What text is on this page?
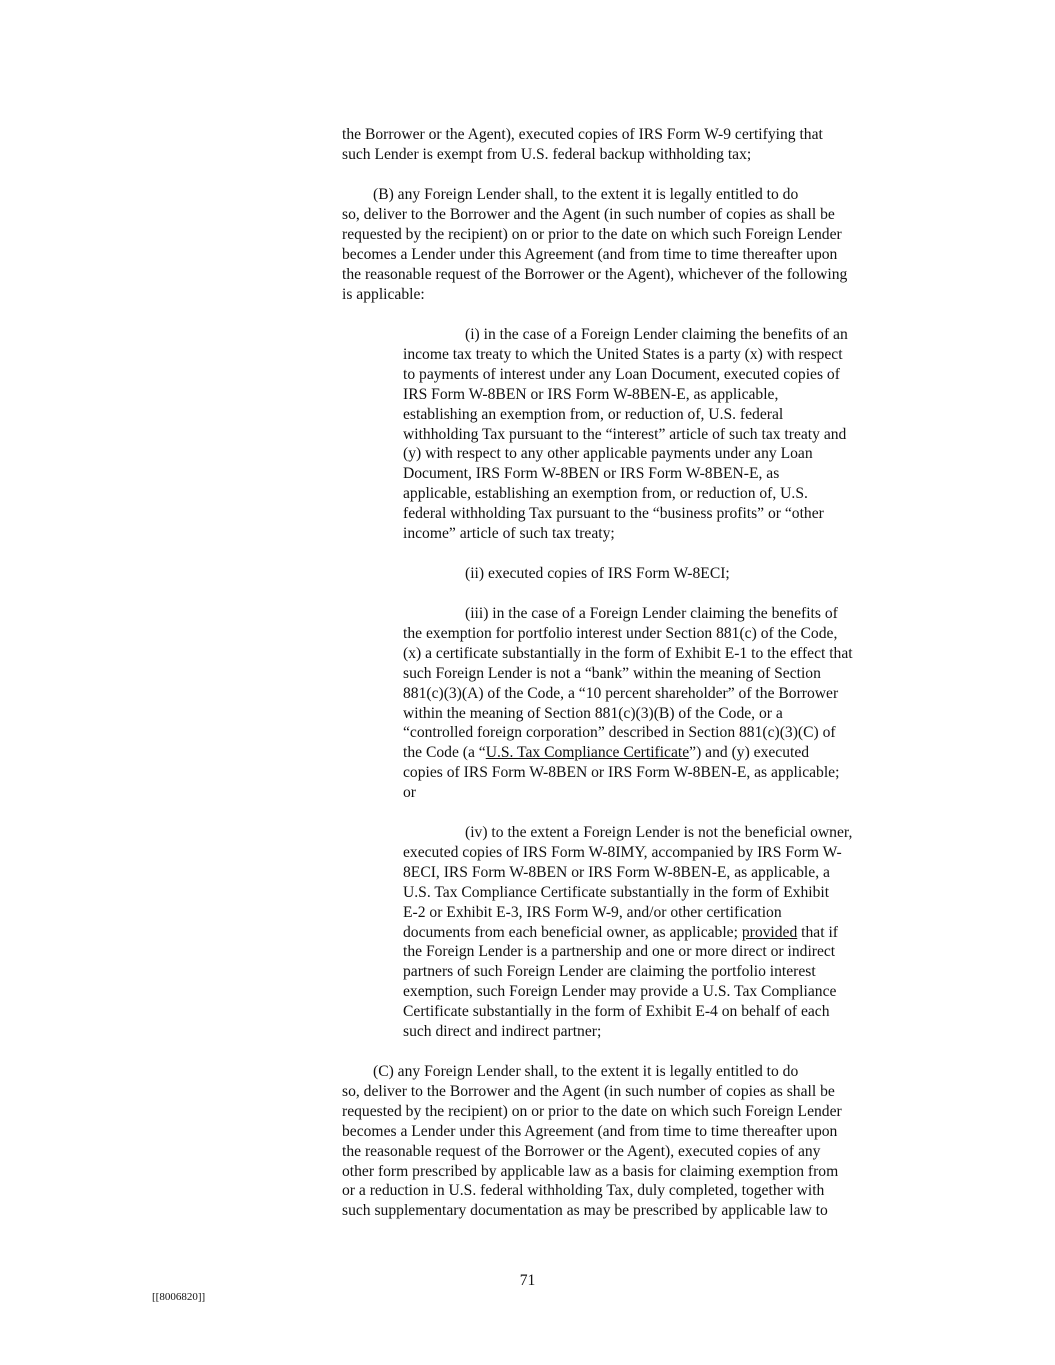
the Borrower or the Agent), executed copies of IRS Form W-9 certifying that
such Lender is exempt from U.S. federal backup withholding tax;
(B) any Foreign Lender shall, to the extent it is legally entitled to do
so, deliver to the Borrower and the Agent (in such number of copies as shall be
requested by the recipient) on or prior to the date on which such Foreign Lender
becomes a Lender under this Agreement (and from time to time thereafter upon
the reasonable request of the Borrower or the Agent), whichever of the following
is applicable:
(i) in the case of a Foreign Lender claiming the benefits of an
income tax treaty to which the United States is a party (x) with respect
to payments of interest under any Loan Document, executed copies of
IRS Form W-8BEN or IRS Form W-8BEN-E, as applicable,
establishing an exemption from, or reduction of, U.S. federal
withholding Tax pursuant to the “interest” article of such tax treaty and
(y) with respect to any other applicable payments under any Loan
Document, IRS Form W-8BEN or IRS Form W-8BEN-E, as
applicable, establishing an exemption from, or reduction of, U.S.
federal withholding Tax pursuant to the “business profits” or “other
income” article of such tax treaty;
(ii) executed copies of IRS Form W-8ECI;
(iii) in the case of a Foreign Lender claiming the benefits of
the exemption for portfolio interest under Section 881(c) of the Code,
(x) a certificate substantially in the form of Exhibit E-1 to the effect that
such Foreign Lender is not a “bank” within the meaning of Section
881(c)(3)(A) of the Code, a “10 percent shareholder” of the Borrower
within the meaning of Section 881(c)(3)(B) of the Code, or a
“controlled foreign corporation” described in Section 881(c)(3)(C) of
the Code (a “U.S. Tax Compliance Certificate”) and (y) executed
copies of IRS Form W-8BEN or IRS Form W-8BEN-E, as applicable;
or
(iv) to the extent a Foreign Lender is not the beneficial owner,
executed copies of IRS Form W-8IMY, accompanied by IRS Form W-
8ECI, IRS Form W-8BEN or IRS Form W-8BEN-E, as applicable, a
U.S. Tax Compliance Certificate substantially in the form of Exhibit
E-2 or Exhibit E-3, IRS Form W-9, and/or other certification
documents from each beneficial owner, as applicable; provided that if
the Foreign Lender is a partnership and one or more direct or indirect
partners of such Foreign Lender are claiming the portfolio interest
exemption, such Foreign Lender may provide a U.S. Tax Compliance
Certificate substantially in the form of Exhibit E-4 on behalf of each
such direct and indirect partner;
(C) any Foreign Lender shall, to the extent it is legally entitled to do
so, deliver to the Borrower and the Agent (in such number of copies as shall be
requested by the recipient) on or prior to the date on which such Foreign Lender
becomes a Lender under this Agreement (and from time to time thereafter upon
the reasonable request of the Borrower or the Agent), executed copies of any
other form prescribed by applicable law as a basis for claiming exemption from
or a reduction in U.S. federal withholding Tax, duly completed, together with
such supplementary documentation as may be prescribed by applicable law to
71
[[8006820]]
